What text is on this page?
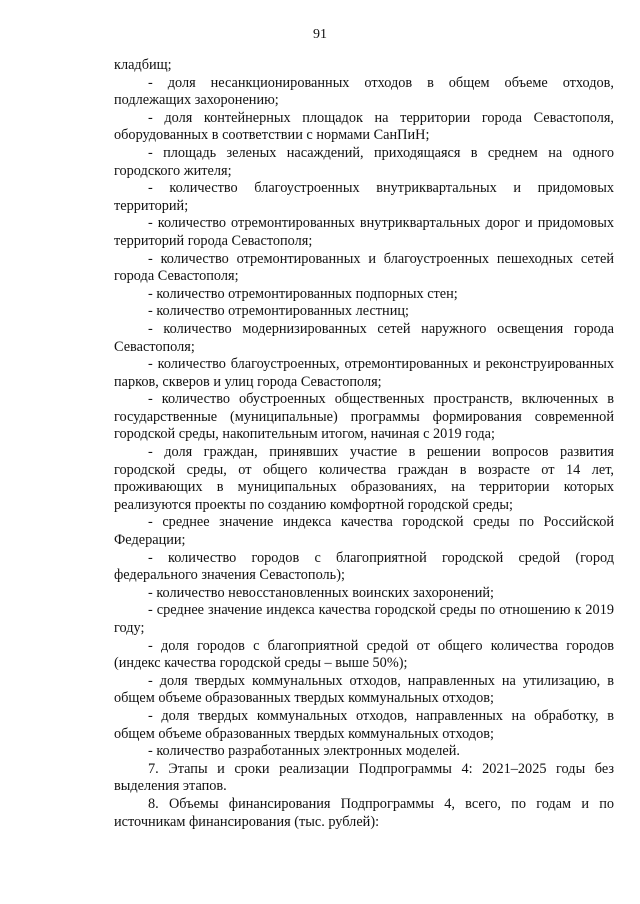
91

кладбищ;

- доля несанкционированных отходов в общем объеме отходов, подлежащих захоронению;

- доля контейнерных площадок на территории города Севастополя, оборудованных в соответствии с нормами СанПиН;

- площадь зеленых насаждений, приходящаяся в среднем на одного городского жителя;

- количество благоустроенных внутриквартальных и придомовых территорий;

- количество отремонтированных внутриквартальных дорог и придомовых территорий города Севастополя;

- количество отремонтированных и благоустроенных пешеходных сетей города Севастополя;

- количество отремонтированных подпорных стен;

- количество отремонтированных лестниц;

- количество модернизированных сетей наружного освещения города Севастополя;

- количество благоустроенных, отремонтированных и реконструированных парков, скверов и улиц города Севастополя;

- количество обустроенных общественных пространств, включенных в государственные (муниципальные) программы формирования современной городской среды, накопительным итогом, начиная с 2019 года;

- доля граждан, принявших участие в решении вопросов развития городской среды, от общего количества граждан в возрасте от 14 лет, проживающих в муниципальных образованиях, на территории которых реализуются проекты по созданию комфортной городской среды;

- среднее значение индекса качества городской среды по Российской Федерации;

- количество городов с благоприятной городской средой (город федерального значения Севастополь);

- количество невосстановленных воинских захоронений;

- среднее значение индекса качества городской среды по отношению к 2019 году;

- доля городов с благоприятной средой от общего количества городов (индекс качества городской среды – выше 50%);

- доля твердых коммунальных отходов, направленных на утилизацию, в общем объеме образованных твердых коммунальных отходов;

- доля твердых коммунальных отходов, направленных на обработку, в общем объеме образованных твердых коммунальных отходов;

- количество разработанных электронных моделей.

7. Этапы и сроки реализации Подпрограммы 4: 2021–2025 годы без выделения этапов.

8. Объемы финансирования Подпрограммы 4, всего, по годам и по источникам финансирования (тыс. рублей):
